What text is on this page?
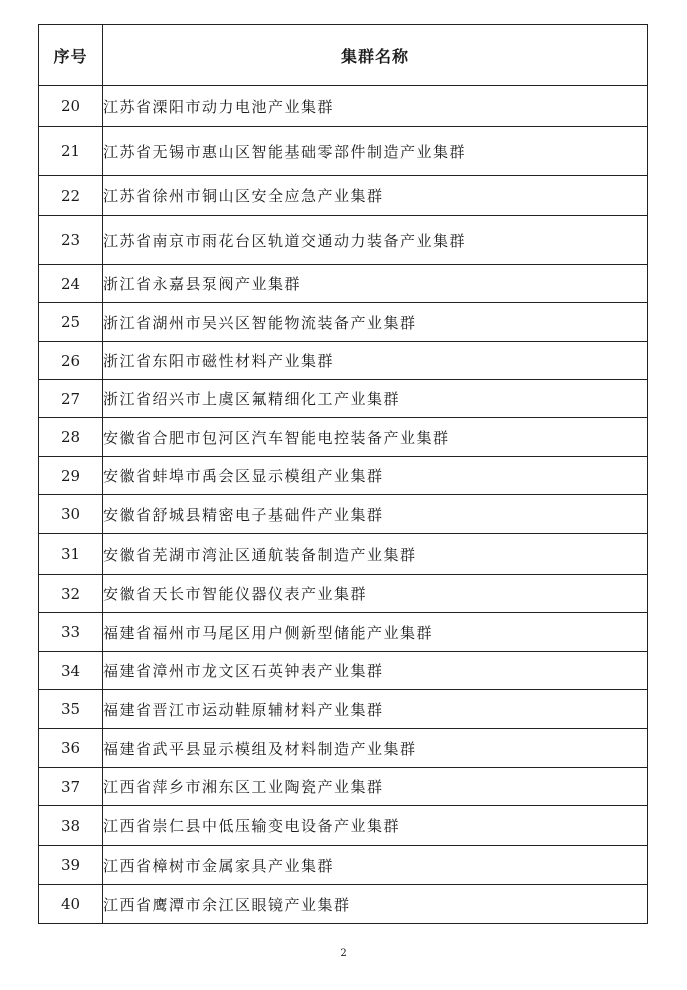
序号	集群名称
20	江苏省溧阳市动力电池产业集群
21	江苏省无锡市惠山区智能基础零部件制造产业集群
22	江苏省徐州市铜山区安全应急产业集群
23	江苏省南京市雨花台区轨道交通动力装备产业集群
24	浙江省永嘉县泵阀产业集群
25	浙江省湖州市吴兴区智能物流装备产业集群
26	浙江省东阳市磁性材料产业集群
27	浙江省绍兴市上虞区氟精细化工产业集群
28	安徽省合肥市包河区汽车智能电控装备产业集群
29	安徽省蚌埠市禹会区显示模组产业集群
30	安徽省舒城县精密电子基础件产业集群
31	安徽省芜湖市湾沚区通航装备制造产业集群
32	安徽省天长市智能仪器仪表产业集群
33	福建省福州市马尾区用户侧新型储能产业集群
34	福建省漳州市龙文区石英钟表产业集群
35	福建省晋江市运动鞋原辅材料产业集群
36	福建省武平县显示模组及材料制造产业集群
37	江西省萍乡市湘东区工业陶瓷产业集群
38	江西省崇仁县中低压输变电设备产业集群
39	江西省樟树市金属家具产业集群
40	江西省鹰潭市余江区眼镜产业集群
2
